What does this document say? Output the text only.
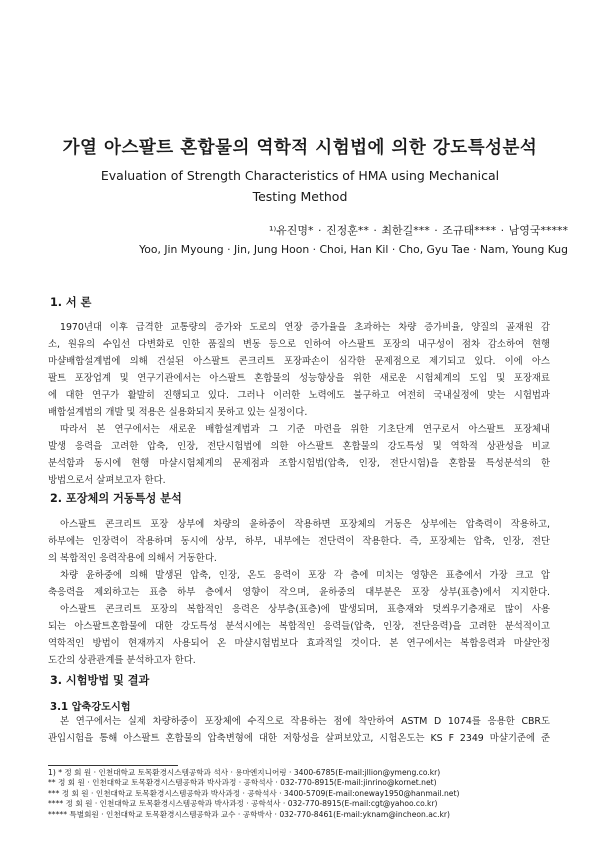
가열 아스팔트 혼합물의 역학적 시험법에 의한 강도특성분석
Evaluation of Strength Characteristics of HMA using Mechanical
Testing Method
¹⁾유진명* · 진정훈** · 최한길*** · 조규태**** · 남영국*****
Yoo, Jin Myoung · Jin, Jung Hoon · Choi, Han Kil · Cho, Gyu Tae · Nam, Young Kug
1. 서 론
1970년대 이후 급격한 교통량의 증가와 도로의 연장 증가율을 초과하는 차량 증가비율, 양질의 골재원 감
소, 원유의 수입선 다변화로 인한 품질의 변동 등으로 인하여 아스팔트 포장의 내구성이 점차 감소하여 현행
마샬배합설계법에 의해 건설된 아스팔트 콘크리트 포장파손이 심각한 문제점으로 제기되고 있다. 이에 아스
팔트 포장업계 및 연구기관에서는 아스팔트 혼합물의 성능향상을 위한 새로운 시험체계의 도입 및 포장재료
에 대한 연구가 활발히 진행되고 있다. 그러나 이러한 노력에도 불구하고 여전히 국내실정에 맞는 시험법과
배합설계법의 개발 및 적용은 실용화되지 못하고 있는 실정이다.
따라서 본 연구에서는 새로운 배합설계법과 그 기준 마련을 위한 기초단계 연구로서 아스팔트 포장체내
발생 응력을 고려한 압축, 인장, 전단시험법에 의한 아스팔트 혼합물의 강도특성 및 역학적 상관성을 비교
분석함과 동시에 현행 마샬시험체계의 문제점과 조합시험법(압축, 인장, 전단시험)을 혼합물 특성분석의 한
방법으로서 살펴보고자 한다.
2. 포장체의 거동특성 분석
아스팔트 콘크리트 포장 상부에 차량의 윤하중이 작용하면 포장체의 거동은 상부에는 압축력이 작용하고,
하부에는 인장력이 작용하며 동시에 상부, 하부, 내부에는 전단력이 작용한다. 즉, 포장체는 압축, 인장, 전단
의 복합적인 응력작용에 의해서 거동한다.
차량 윤하중에 의해 발생된 압축, 인장, 온도 응력이 포장 각 층에 미치는 영향은 표층에서 가장 크고 압
축응력을 제외하고는 표층 하부 층에서 영향이 작으며, 윤하중의 대부분은 포장 상부(표층)에서 지지한다.
아스팔트 콘크리트 포장의 복합적인 응력은 상부층(표층)에 발생되며, 표층재와 덧씌우기층재로 많이 사용
되는 아스팔트혼합물에 대한 강도특성 분석시에는 복합적인 응력들(압축, 인장, 전단응력)을 고려한 분석적이고
역학적인 방법이 현재까지 사용되어 온 마샬시험법보다 효과적일 것이다. 본 연구에서는 복합응력과 마샬안정
도간의 상관관계를 분석하고자 한다.
3. 시험방법 및 결과
3.1 압축강도시험
본 연구에서는 실제 차량하중이 포장체에 수직으로 작용하는 점에 착안하여 ASTM D 1074를 응용한 CBR도
관입시험을 통해 아스팔트 혼합물의 압축변형에 대한 저항성을 살펴보았고, 시험온도는 KS F 2349 마샬기준에 준
1) * 정 회 원 · 인천대학교 토목환경시스템공학과 석사 · 용마엔지니어링 · 3400-6785(E-mail:jllion@ymeng.co.kr)
** 정 회 원 · 인천대학교 토목환경시스템공학과 박사과정 · 공학석사 · 032-770-8915(E-mail:jinrino@kornet.net)
*** 정 회 원 · 인천대학교 토목환경시스템공학과 박사과정 · 공학석사 · 3400-5709(E-mail:oneway1950@hanmail.net)
**** 정 회 원 · 인천대학교 토목환경시스템공학과 박사과정 · 공학석사 · 032-770-8915(E-mail:cgt@yahoo.co.kr)
***** 특별회원 · 인천대학교 토목환경시스템공학과 교수 · 공학박사 · 032-770-8461(E-mail:yknam@incheon.ac.kr)
